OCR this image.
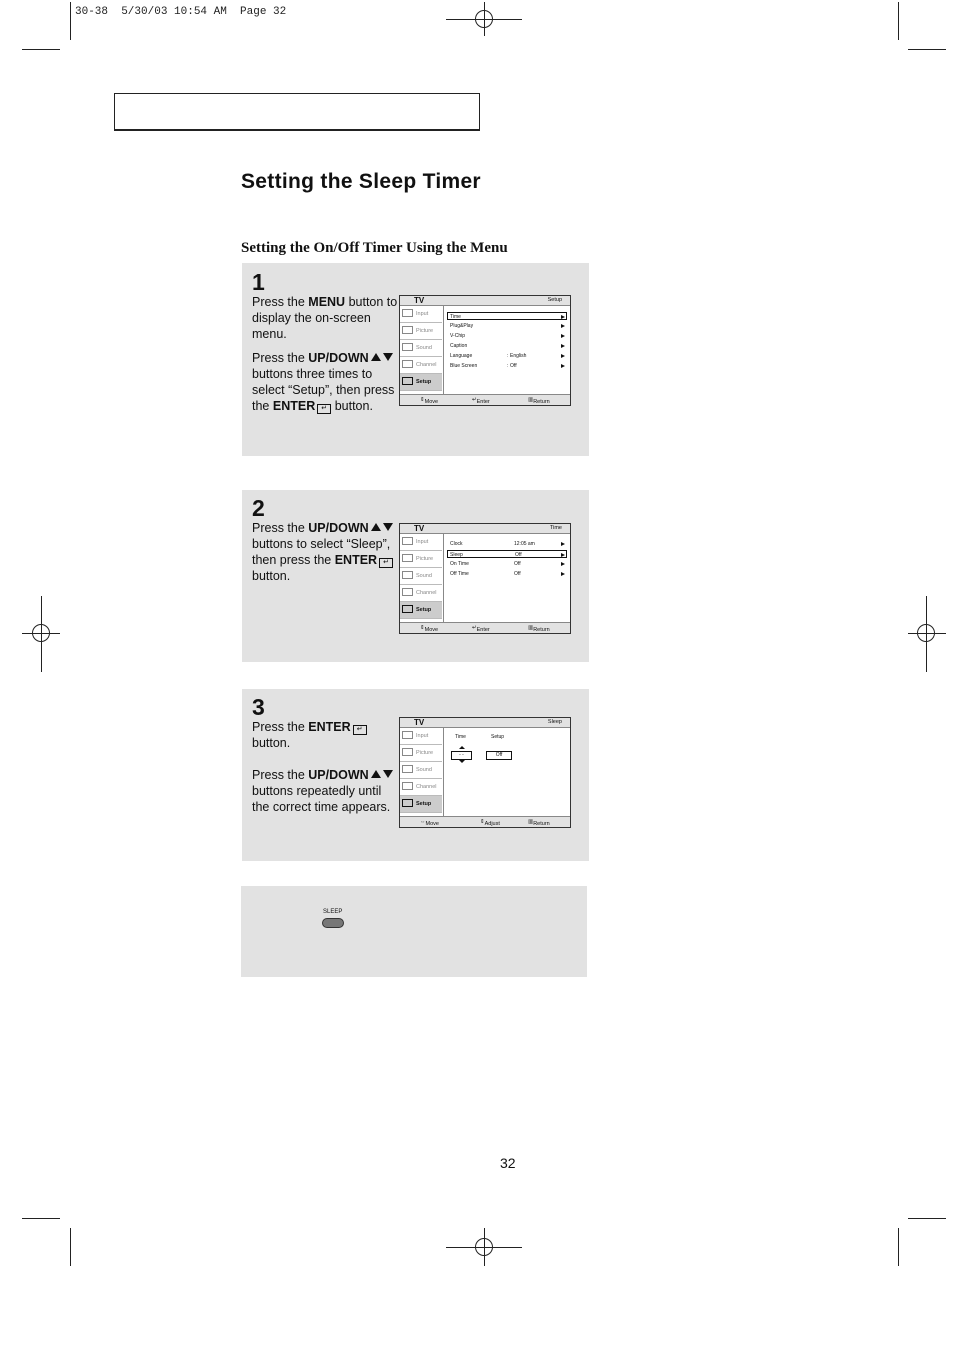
30-38  5/30/03 10:54 AM  Page 32
Setting the Sleep Timer
Setting the On/Off Timer Using the Menu
1

Press the MENU button to display the on-screen menu.

Press the UP/DOWN buttons three times to select “Setup”, then press the ENTER ↵ button.

TV	Setup
Input
Picture
Sound
Channel
Setup
Time
Plug&Play
V-Chip
Caption
Language	: English
Blue Screen	: Off
⇕ Move	↵ Enter	▥ Return
2

Press the UP/DOWN buttons to select “Sleep”, then press the ENTER ↵ button.

TV	Time
Input
Picture
Sound
Channel
Setup
Clock	12:05 am
Sleep	Off
On Time	Off
Off Time	Off
⇕ Move	↵ Enter	▥ Return
3

Press the ENTER ↵ button.

Press the UP/DOWN buttons repeatedly until the correct time appears.

TV	Sleep
Input
Picture
Sound
Channel
Setup
Time	Setup
- -	Off
⇔ Move	⇕ Adjust	▥ Return
SLEEP
32
